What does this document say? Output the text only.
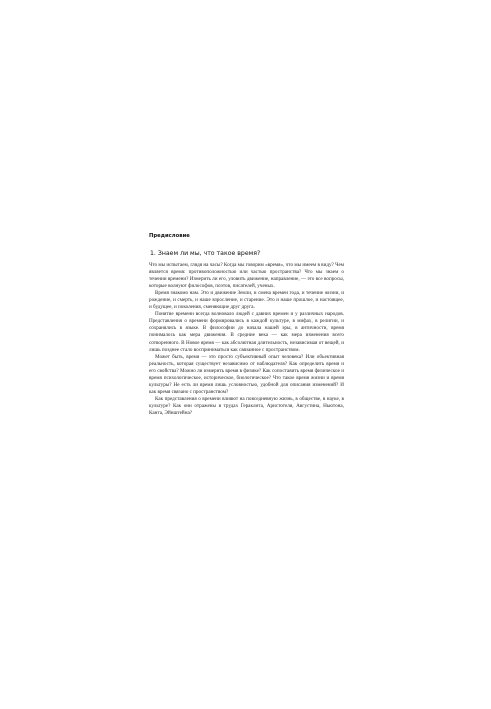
Предисловие
1. Знаем ли мы, что такое время?

Что мы испытаем, глядя на часы? Когда мы говорим «время», что мы имеем в виду? Чем является время: противоположностью или частью пространства? Что мы знаем о течении времени? Измерить ли его, уловить движение, направление, — это все вопросы, которые волнуют философов, поэтов, писателей, ученых.

Время знакомо нам. Это и движение Земли, и смена времен года, и течение жизни, и рождение, и смерть, и наше взросление, и старение. Это и наше прошлое, и настоящее, и будущее, и поколения, сменяющие друг друга.

Понятие времени всегда волновало людей с давних времен и у различных народов. Представления о времени формировались в каждой культуре, в мифах, в религии, и сохранялись в языке. В философии до начала нашей эры, в античности, время понималось как мера движения. В средние века — как мера изменения всего сотворенного. В Новое время — как абсолютная длительность, независимая от вещей, и лишь позднее стало восприниматься как связанное с пространством.

Может быть, время — это просто субъективный опыт человека? Или объективная реальность, которая существует независимо от наблюдателя? Как определить время и его свойства? Можно ли измерить время в физике? Как сопоставить время физическое и время психологическое, историческое, биологическое? Что такое время жизни и время культуры? Не есть ли время лишь условностью, удобной для описания изменений? И как время связано с пространством?

Как представления о времени влияют на повседневную жизнь, в обществе, в науке, в культуре? Как они отражены в трудах Гераклита, Аристотеля, Августина, Ньютона, Канта, Эйнштейна?
